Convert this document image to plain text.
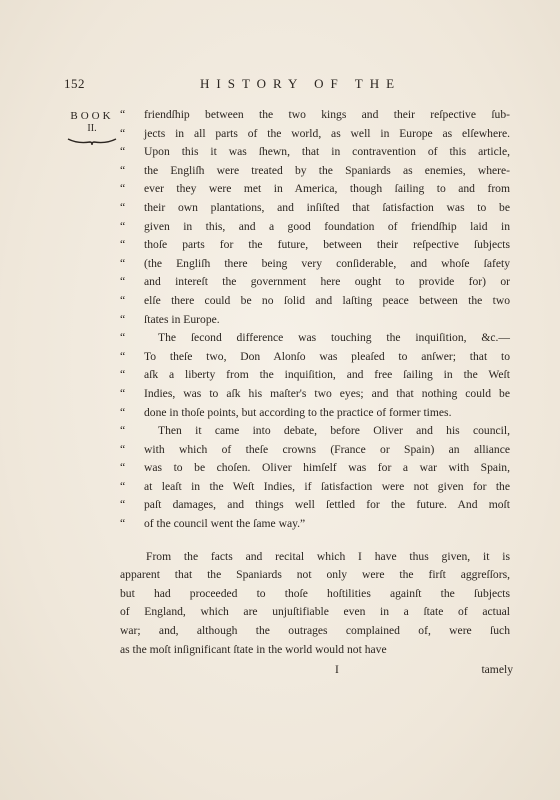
152	HISTORY OF THE
BOOK
II.
“ friendſhip between the two kings and their reſpective ſub-
“ jects in all parts of the world, as well in Europe as elſewhere.
“ Upon this it was ſhewn, that in contravention of this article,
“ the Engliſh were treated by the Spaniards as enemies, where-
“ ever they were met in America, though ſailing to and from
“ their own plantations, and inſiſted that ſatisfaction was to be
“ given in this, and a good foundation of friendſhip laid in
“ thoſe parts for the future, between their reſpective ſubjects
“ (the Engliſh there being very conſiderable, and whoſe ſafety
“ and intereſt the government here ought to provide for) or
“ elſe there could be no ſolid and laſting peace between the two
“ ſtates in Europe.
“	The ſecond difference was touching the inquiſition, &c.—
“ To theſe two, Don Alonſo was pleaſed to anſwer; that to
“ aſk a liberty from the inquiſition, and free ſailing in the Weſt
“ Indies, was to aſk his maſter's two eyes; and that nothing could be
“ done in thoſe points, but according to the practice of former times.
“	Then it came into debate, before Oliver and his council,
“ with which of theſe crowns (France or Spain) an alliance
“ was to be choſen. Oliver himſelf was for a war with Spain,
“ at leaſt in the Weſt Indies, if ſatisfaction were not given for the
“ paſt damages, and things well ſettled for the future. And moſt
“ of the council went the ſame way.”
From the facts and recital which I have thus given, it is
apparent that the Spaniards not only were the firſt aggreſſors,
but had proceeded to thoſe hoſtilities againſt the ſubjects
of England, which are unjuſtifiable even in a ſtate of actual
war; and, although the outrages complained of, were ſuch
as the moſt inſignificant ſtate in the world would not have
I	tamely
